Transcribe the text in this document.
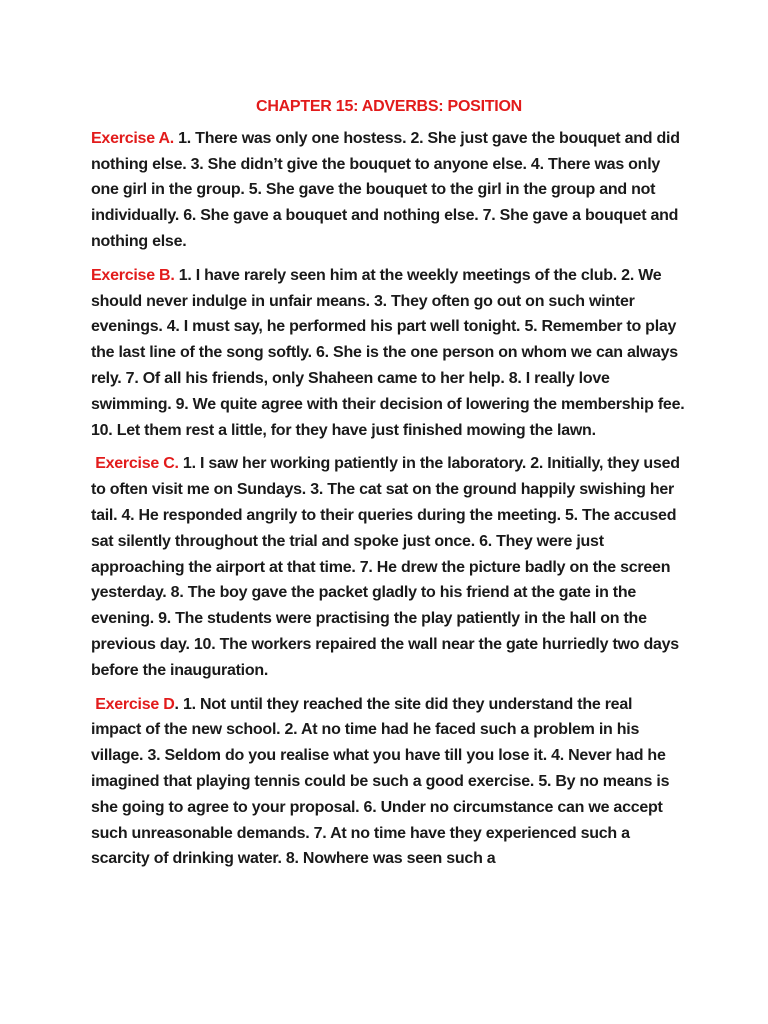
CHAPTER 15: ADVERBS: POSITION

Exercise A. 1. There was only one hostess. 2. She just gave the bouquet and did nothing else. 3. She didn’t give the bouquet to anyone else. 4. There was only one girl in the group. 5. She gave the bouquet to the girl in the group and not individually. 6. She gave a bouquet and nothing else. 7. She gave a bouquet and nothing else.

Exercise B. 1. I have rarely seen him at the weekly meetings of the club. 2. We should never indulge in unfair means. 3. They often go out on such winter evenings. 4. I must say, he performed his part well tonight. 5. Remember to play the last line of the song softly. 6. She is the one person on whom we can always rely. 7. Of all his friends, only Shaheen came to her help. 8. I really love swimming. 9. We quite agree with their decision of lowering the membership fee. 10. Let them rest a little, for they have just finished mowing the lawn.

Exercise C. 1. I saw her working patiently in the laboratory. 2. Initially, they used to often visit me on Sundays. 3. The cat sat on the ground happily swishing her tail. 4. He responded angrily to their queries during the meeting. 5. The accused sat silently throughout the trial and spoke just once. 6. They were just approaching the airport at that time. 7. He drew the picture badly on the screen yesterday. 8. The boy gave the packet gladly to his friend at the gate in the evening. 9. The students were practising the play patiently in the hall on the previous day. 10. The workers repaired the wall near the gate hurriedly two days before the inauguration.

Exercise D. 1. Not until they reached the site did they understand the real impact of the new school. 2. At no time had he faced such a problem in his village. 3. Seldom do you realise what you have till you lose it. 4. Never had he imagined that playing tennis could be such a good exercise. 5. By no means is she going to agree to your proposal. 6. Under no circumstance can we accept such unreasonable demands. 7. At no time have they experienced such a scarcity of drinking water. 8. Nowhere was seen such a
